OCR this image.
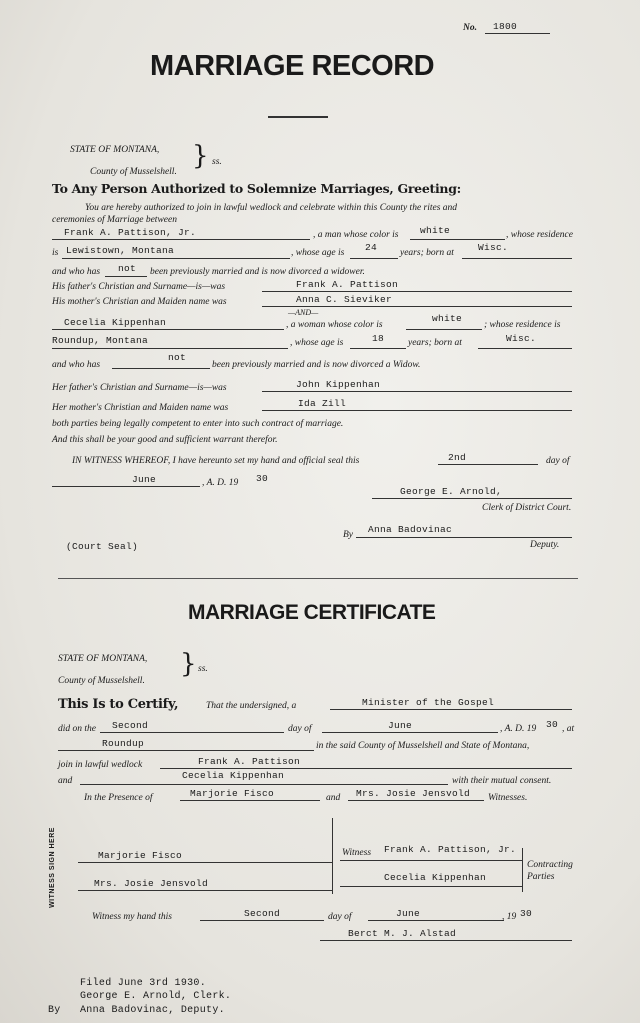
No. 1800
MARRIAGE RECORD
STATE OF MONTANA,
County of Musselshell.
} ss.
To Any Person Authorized to Solemnize Marriages, Greeting:
You are hereby authorized to join in lawful wedlock and celebrate within this County the rites and
ceremonies of Marriage between
Frank A. Pattison, Jr.	, a man whose color is white	, whose residence
is Lewistown, Montana	, whose age is 24 years; born at	Wisc.
and who has not been previously married and is now divorced a widower.
His father's Christian and Surname—is—was	Frank A. Pattison
His mother's Christian and Maiden name was	Anna C. Sieviker
—AND—
Cecelia Kippenhan	, a woman whose color is
white
; whose residence is
Roundup, Montana	, whose age is	18	years; born at	Wisc.
and who has
not
been previously married and is now divorced a Widow.
Her father's Christian and Surname—is—was	John Kippenhan
Her mother's Christian and Maiden name was	Ida Zill
both parties being legally competent to enter into such contract of marriage.
And this shall be your good and sufficient warrant therefor.
IN WITNESS WHEREOF, I have hereunto set my hand and official seal this	2nd	day of
June	, A. D. 19 30
George E. Arnold,
Clerk of District Court.
By Anna Badovinac
Deputy.
(Court Seal)
MARRIAGE CERTIFICATE
STATE OF MONTANA,
County of Musselshell.
} ss.
This Is to Certify,	That the undersigned, a	Minister of the Gospel
did on the Second	day of	June	, A. D. 19 30 , at
Roundup	in the said County of Musselshell and State of Montana,
join in lawful wedlock	Frank A. Pattison
and	Cecelia Kippenhan	with their mutual consent.
In the Presence of	Marjorie Fisco	and Mrs. Josie Jensvold Witnesses.
WITNESS SIGN HERE	Marjorie Fisco
Mrs. Josie Jensvold
Witness Frank A. Pattison, Jr.
Cecelia Kippenhan
Contracting
Parties
Witness my hand this	Second	day of	June	, 19 30
Berct M. J. Alstad
Filed June 3rd 1930.
George E. Arnold, Clerk.
By Anna Badovinac, Deputy.
